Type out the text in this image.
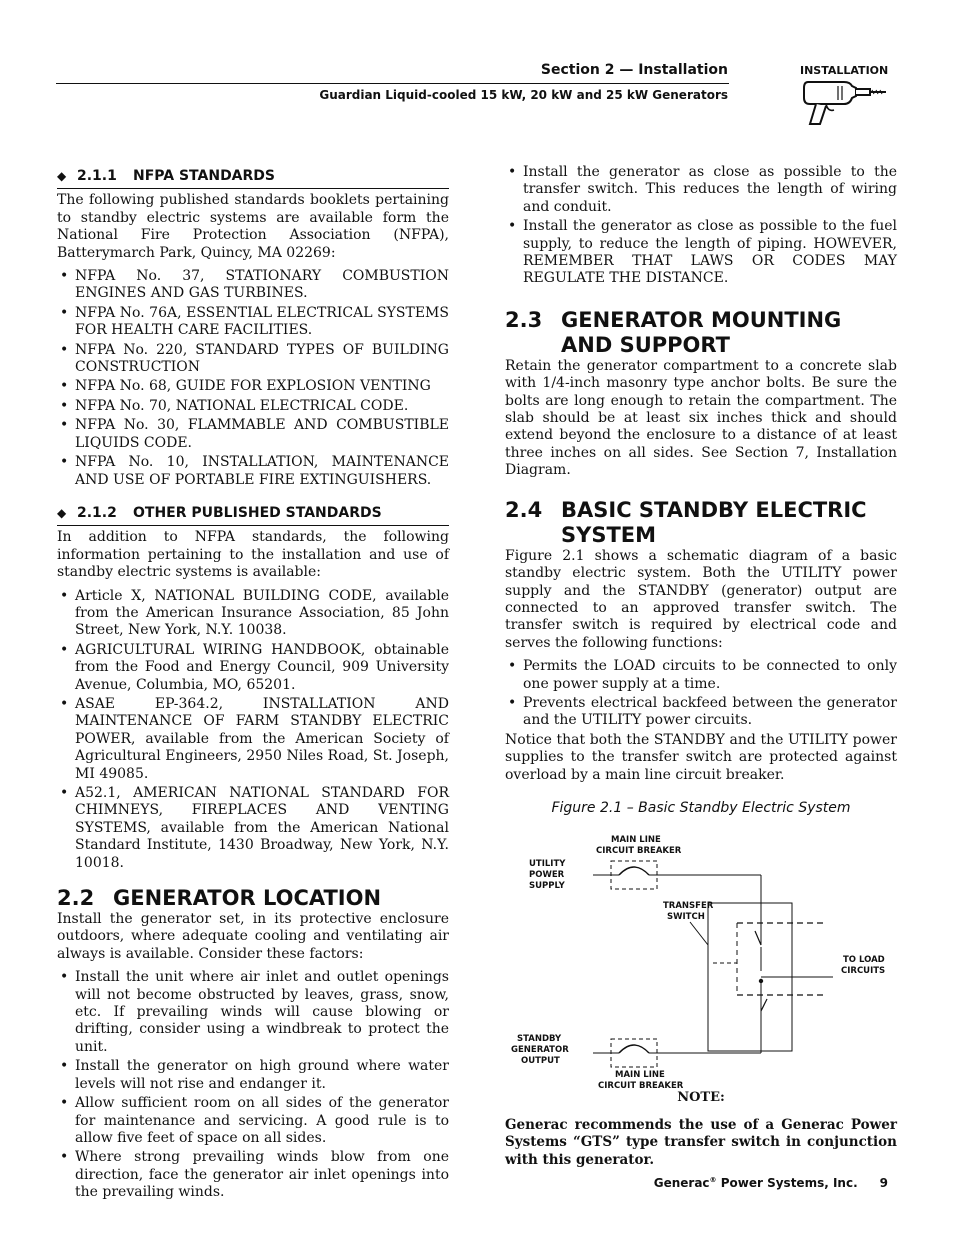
Section 2 — Installation
Guardian Liquid-cooled 15 kW, 20 kW and 25 kW Generators
INSTALLATION
◆ 2.1.1	NFPA STANDARDS

The following published standards booklets pertaining to standby electric systems are available form the National Fire Protection Association (NFPA), Batterymarch Park, Quincy, MA 02269:

• NFPA No. 37, STATIONARY COMBUSTION ENGINES AND GAS TURBINES.
• NFPA No. 76A, ESSENTIAL ELECTRICAL SYSTEMS FOR HEALTH CARE FACILITIES.
• NFPA No. 220, STANDARD TYPES OF BUILDING CONSTRUCTION
• NFPA No. 68, GUIDE FOR EXPLOSION VENTING
• NFPA No. 70, NATIONAL ELECTRICAL CODE.
• NFPA No. 30, FLAMMABLE AND COMBUSTIBLE LIQUIDS CODE.
• NFPA No. 10, INSTALLATION, MAINTENANCE AND USE OF PORTABLE FIRE EXTINGUISHERS.
◆ 2.1.2	OTHER PUBLISHED STANDARDS

In addition to NFPA standards, the following information pertaining to the installation and use of standby electric systems is available:

• Article X, NATIONAL BUILDING CODE, available from the American Insurance Association, 85 John Street, New York, N.Y. 10038.
• AGRICULTURAL WIRING HANDBOOK, obtainable from the Food and Energy Council, 909 University Avenue, Columbia, MO, 65201.
• ASAE EP-364.2, INSTALLATION AND MAINTENANCE OF FARM STANDBY ELECTRIC POWER, available from the American Society of Agricultural Engineers, 2950 Niles Road, St. Joseph, MI 49085.
• A52.1, AMERICAN NATIONAL STANDARD FOR CHIMNEYS, FIREPLACES AND VENTING SYSTEMS, available from the American National Standard Institute, 1430 Broadway, New York, N.Y. 10018.
2.2 GENERATOR LOCATION

Install the generator set, in its protective enclosure outdoors, where adequate cooling and ventilating air always is available. Consider these factors:

• Install the unit where air inlet and outlet openings will not become obstructed by leaves, grass, snow, etc. If prevailing winds will cause blowing or drifting, consider using a windbreak to protect the unit.
• Install the generator on high ground where water levels will not rise and endanger it.
• Allow sufficient room on all sides of the generator for maintenance and servicing. A good rule is to allow five feet of space on all sides.
• Where strong prevailing winds blow from one direction, face the generator air inlet openings into the prevailing winds.
• Install the generator as close as possible to the transfer switch. This reduces the length of wiring and conduit.
• Install the generator as close as possible to the fuel supply, to reduce the length of piping. HOWEVER, REMEMBER THAT LAWS OR CODES MAY REGULATE THE DISTANCE.
2.3 GENERATOR MOUNTING AND SUPPORT

Retain the generator compartment to a concrete slab with 1/4-inch masonry type anchor bolts. Be sure the bolts are long enough to retain the compartment. The slab should be at least six inches thick and should extend beyond the enclosure to a distance of at least three inches on all sides. See Section 7, Installation Diagram.

2.4 BASIC STANDBY ELECTRIC SYSTEM

Figure 2.1 shows a schematic diagram of a basic standby electric system. Both the UTILITY power supply and the STANDBY (generator) output are connected to an approved transfer switch. The transfer switch is required by electrical code and serves the following functions:

• Permits the LOAD circuits to be connected to only one power supply at a time.
• Prevents electrical backfeed between the generator and the UTILITY power circuits.

Notice that both the STANDBY and the UTILITY power supplies to the transfer switch are protected against overload by a main line circuit breaker.

Figure 2.1 – Basic Standby Electric System
MAIN LINE
CIRCUIT BREAKER
UTILITY
POWER
SUPPLY
TRANSFER
SWITCH
TO LOAD
CIRCUITS
STANDBY
GENERATOR
OUTPUT
MAIN LINE
CIRCUIT BREAKER
NOTE:

Generac recommends the use of a Generac Power Systems “GTS” type transfer switch in conjunction with this generator.

Generac® Power Systems, Inc. 9
